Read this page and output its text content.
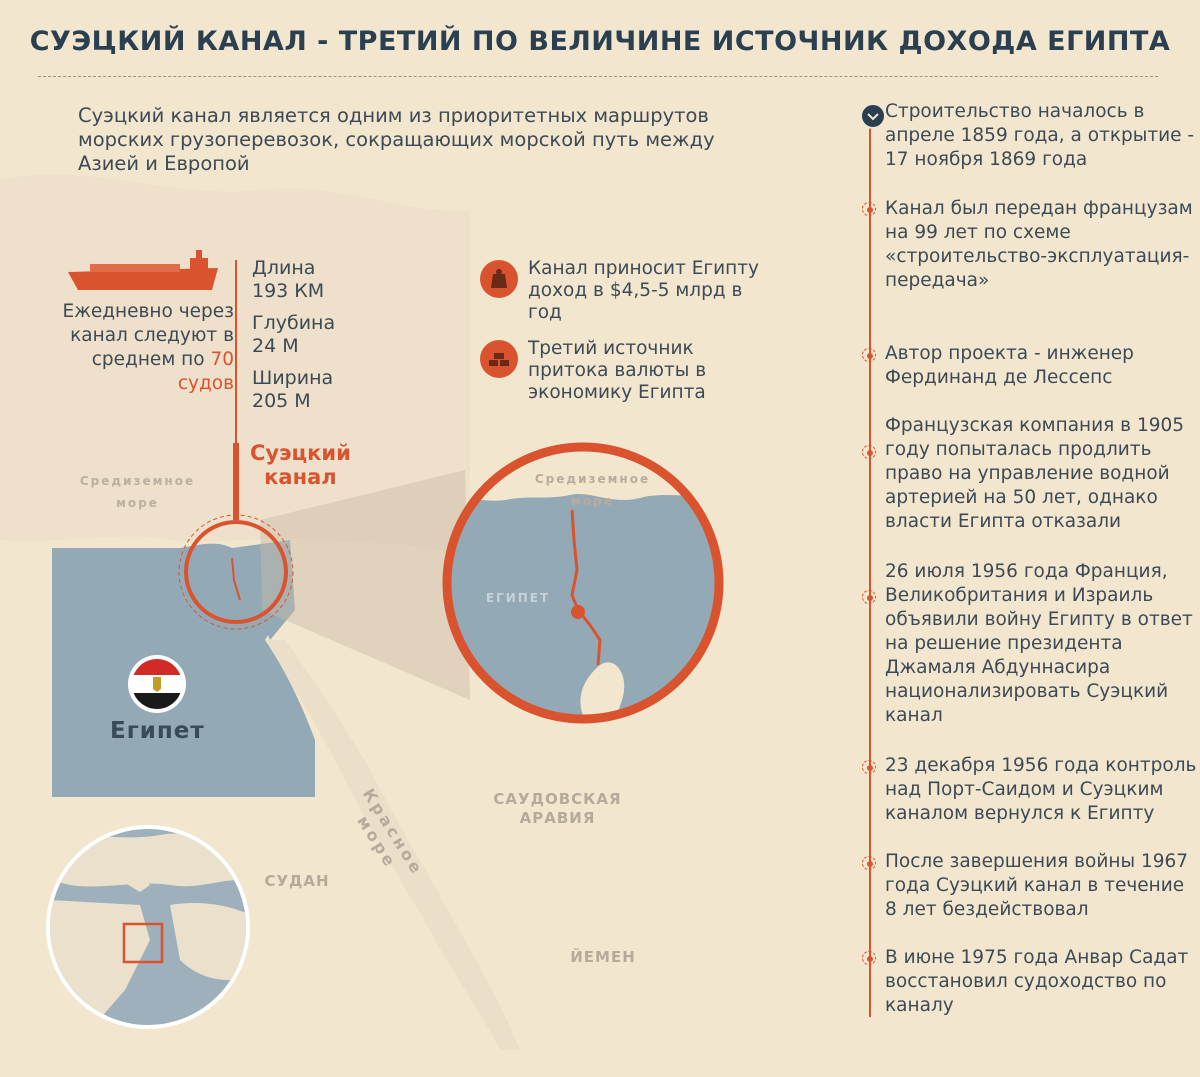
СУЭЦКИЙ КАНАЛ - ТРЕТИЙ ПО ВЕЛИЧИНЕ ИСТОЧНИК ДОХОДА ЕГИПТА
Суэцкий канал является одним из приоритетных маршрутов морских грузоперевозок, сокращающих морской путь между Азией и Европой
Ежедневно через канал следуют в среднем по 70 судов
Длина
193 КМ
Глубина
24 М
Ширина
205 М
Суэцкий
канал
Средиземное
море
Средиземное
море
ЕГИПЕТ
Египет
САУДОВСКАЯ
АРАВИЯ
СУДАН
ЙЕМЕН
Красное море
Канал приносит Египту доход в $4,5-5 млрд в год
Третий источник притока валюты в экономику Египта
Строительство началось в апреле 1859 года, а открытие - 17 ноября 1869 года
Канал был передан французам на 99 лет по схеме «строительство-эксплуатация-передача»
Автор проекта - инженер Фердинанд де Лессепс
Французская компания в 1905 году попыталась продлить право на управление водной артерией на 50 лет, однако власти Египта отказали
26 июля 1956 года Франция, Великобритания и Израиль объявили войну Египту в ответ на решение президента Джамаля Абдуннасира национализировать Суэцкий канал
23 декабря 1956 года контроль над Порт-Саидом и Суэцким каналом вернулся к Египту
После завершения войны 1967 года Суэцкий канал в течение 8 лет бездействовал
В июне 1975 года Анвар Садат восстановил судоходство по каналу
